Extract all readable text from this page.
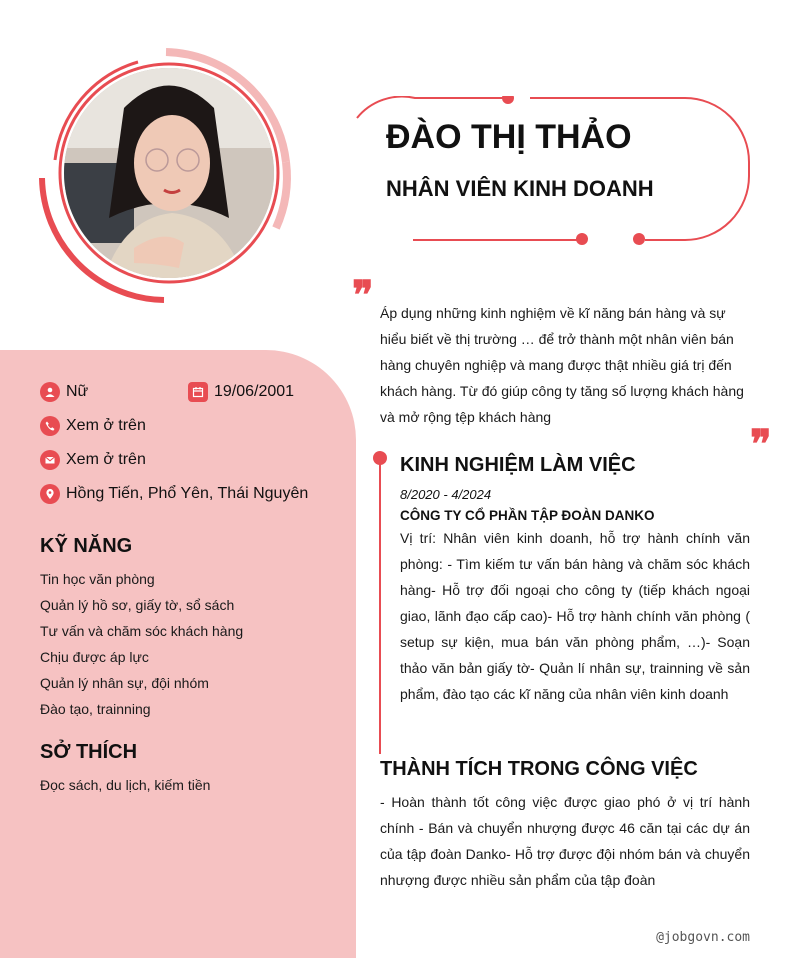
ĐÀO THỊ THẢO
NHÂN VIÊN KINH DOANH
❞ Áp dụng những kinh nghiệm về kĩ năng bán hàng và sự hiểu biết về thị trường … để trở thành một nhân viên bán hàng chuyên nghiệp và mang được thật nhiều giá trị đến khách hàng. Từ đó giúp công ty tăng số lượng khách hàng và mở rộng tệp khách hàng
❞
Nữ	19/06/2001
Xem ở trên
Xem ở trên
Hồng Tiến, Phổ Yên, Thái Nguyên
KỸ NĂNG
Tin học văn phòng
Quản lý hồ sơ, giấy tờ, sổ sách
Tư vấn và chăm sóc khách hàng
Chịu được áp lực
Quản lý nhân sự, đội nhóm
Đào tạo, trainning
SỞ THÍCH
Đọc sách, du lịch, kiếm tiền
KINH NGHIỆM LÀM VIỆC
8/2020 - 4/2024
CÔNG TY CỔ PHẦN TẬP ĐOÀN DANKO
Vị trí: Nhân viên kinh doanh, hỗ trợ hành chính văn phòng: - Tìm kiếm tư vấn bán hàng và chăm sóc khách hàng- Hỗ trợ đối ngoại cho công ty (tiếp khách ngoại giao, lãnh đạo cấp cao)- Hỗ trợ hành chính văn phòng ( setup sự kiện, mua bán văn phòng phẩm, …)- Soạn thảo văn bản giấy tờ- Quản lí nhân sự, trainning về sản phẩm, đào tạo các kĩ năng của nhân viên kinh doanh
THÀNH TÍCH TRONG CÔNG VIỆC
- Hoàn thành tốt công việc được giao phó ở vị trí hành chính - Bán và chuyển nhượng được 46 căn tại các dự án của tập đoàn Danko- Hỗ trợ được đội nhóm bán và chuyển nhượng được nhiều sản phẩm của tập đoàn
@jobgovn.com
